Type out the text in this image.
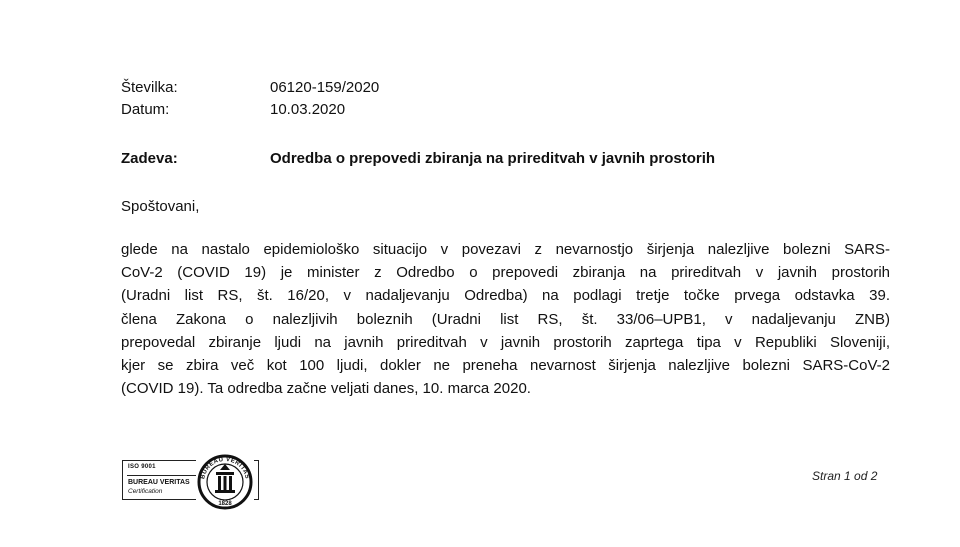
Številka:	06120-159/2020
Datum:	10.03.2020
Zadeva:	Odredba o prepovedi zbiranja na prireditvah v javnih prostorih
Spoštovani,
glede na nastalo epidemiološko situacijo v povezavi z nevarnostjo širjenja nalezljive bolezni SARS-
CoV-2 (COVID 19) je minister z Odredbo o prepovedi zbiranja na prireditvah v javnih prostorih
(Uradni list RS, št. 16/20, v nadaljevanju Odredba) na podlagi tretje točke prvega odstavka 39.
člena Zakona o nalezljivih boleznih (Uradni list RS, št. 33/06–UPB1, v nadaljevanju ZNB)
prepovedal zbiranje ljudi na javnih prireditvah v javnih prostorih zaprtega tipa v Republiki Sloveniji,
kjer se zbira več kot 100 ljudi, dokler ne preneha nevarnost širjenja nalezljive bolezni SARS-CoV-2
(COVID 19). Ta odredba začne veljati danes, 10. marca 2020.
ISO 9001
BUREAU VERITAS
Certification
BUREAU VERITAS
1828
Stran 1 od 2
